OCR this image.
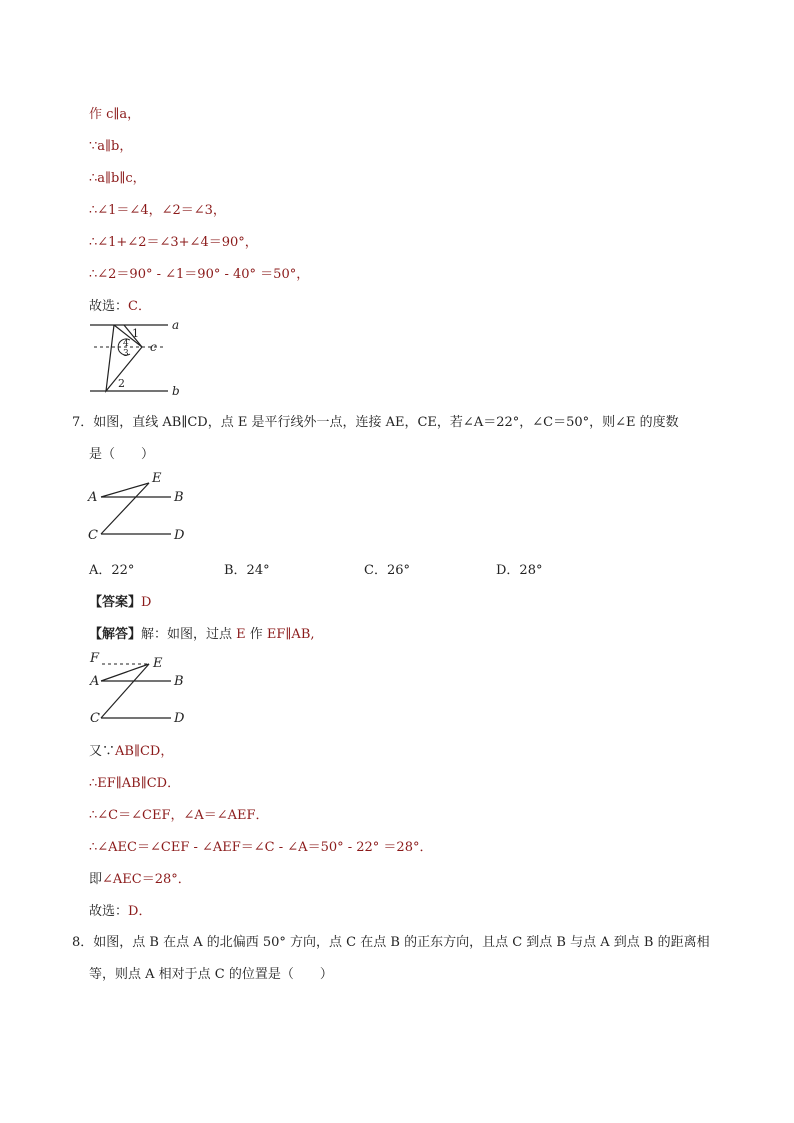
作 c∥a，
∵a∥b，
∴a∥b∥c，
∴∠1＝∠4，∠2＝∠3，
∴∠1+∠2＝∠3+∠4＝90°，
∴∠2＝90° - ∠1＝90° - 40° ＝50°，
故选：C．
a
b
c
1
2
3
4
7．如图，直线 AB∥CD，点 E 是平行线外一点，连接 AE，CE，若∠A＝22°，∠C＝50°，则∠E 的度数
是（　　）
A	B
C	D
E
A．22°	B．24°	C．26°	D．28°
【答案】D
【解答】解：如图，过点 E 作 EF∥AB,
F	E
A	B
C	D
又∵AB∥CD，
∴EF∥AB∥CD．
∴∠C＝∠CEF，∠A＝∠AEF．
∴∠AEC＝∠CEF - ∠AEF＝∠C - ∠A＝50° - 22° ＝28°．
即∠AEC＝28°．
故选：D．
8．如图，点 B 在点 A 的北偏西 50° 方向，点 C 在点 B 的正东方向，且点 C 到点 B 与点 A 到点 B 的距离相
等，则点 A 相对于点 C 的位置是（　　）
